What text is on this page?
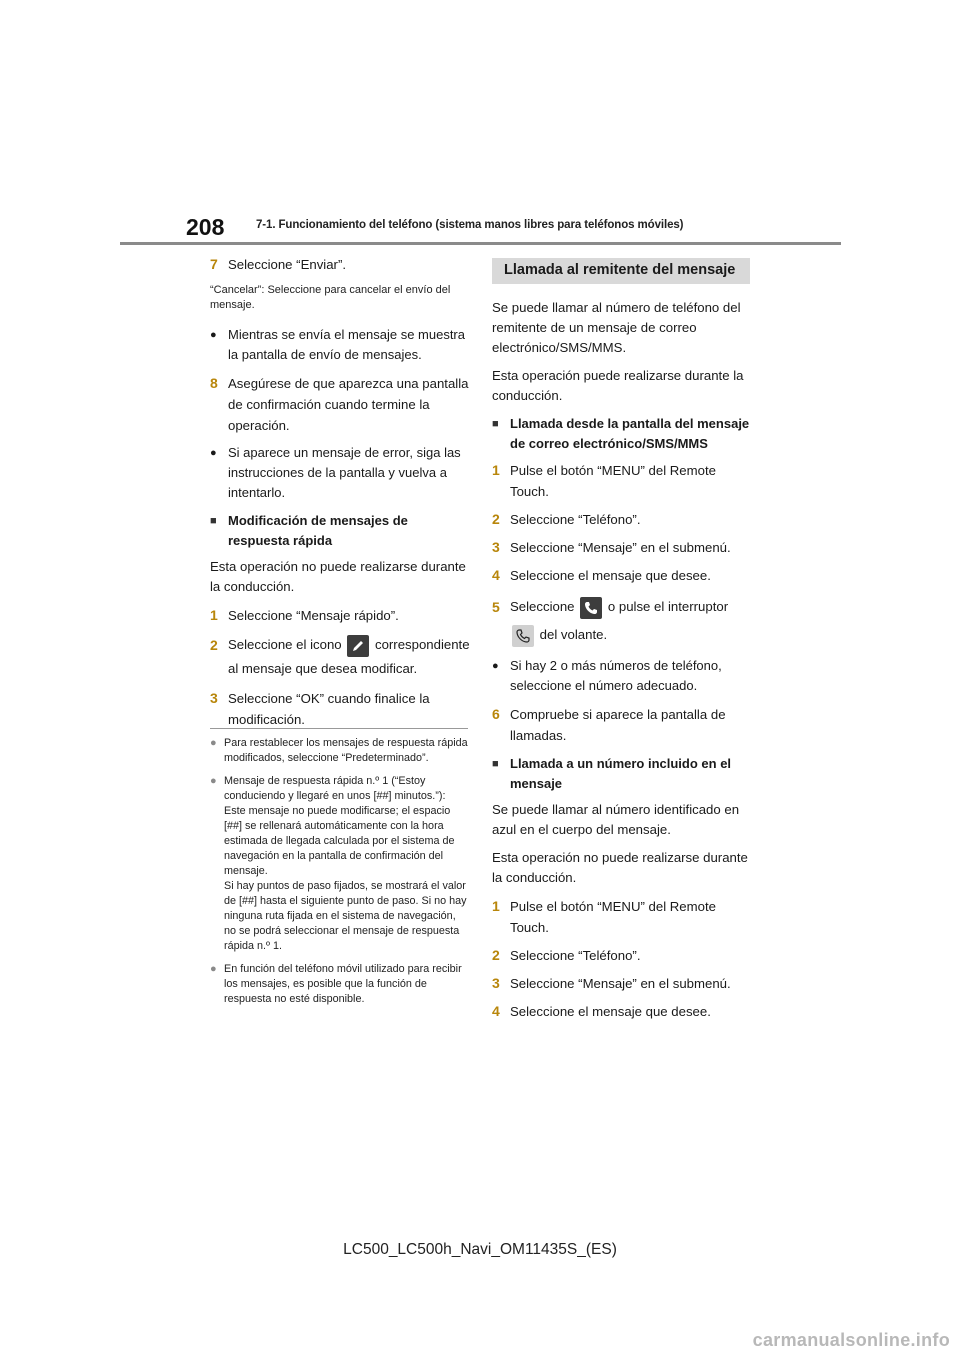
208	7-1. Funcionamiento del teléfono (sistema manos libres para teléfonos móviles)
7 Seleccione “Enviar”.
“Cancelar”: Seleccione para cancelar el envío del mensaje.
● Mientras se envía el mensaje se muestra la pantalla de envío de mensajes.
8 Asegúrese de que aparezca una pantalla de confirmación cuando termine la operación.
● Si aparece un mensaje de error, siga las instrucciones de la pantalla y vuelva a intentarlo.
■ Modificación de mensajes de respuesta rápida
Esta operación no puede realizarse durante la conducción.
1 Seleccione “Mensaje rápido”.
2 Seleccione el icono	correspondiente al mensaje que desea modificar.
3 Seleccione “OK” cuando finalice la modificación.
● Para restablecer los mensajes de respuesta rápida modificados, seleccione “Predeterminado”.
● Mensaje de respuesta rápida n.º 1 (“Estoy conduciendo y llegaré en unos [##] minutos.”):
Este mensaje no puede modificarse; el espacio [##] se rellenará automáticamente con la hora estimada de llegada calculada por el sistema de navegación en la pantalla de confirmación del mensaje.
Si hay puntos de paso fijados, se mostrará el valor de [##] hasta el siguiente punto de paso. Si no hay ninguna ruta fijada en el sistema de navegación, no se podrá seleccionar el mensaje de respuesta rápida n.º 1.
● En función del teléfono móvil utilizado para recibir los mensajes, es posible que la función de respuesta no esté disponible.
Llamada al remitente del mensaje
Se puede llamar al número de teléfono del remitente de un mensaje de correo electrónico/SMS/MMS.
Esta operación puede realizarse durante la conducción.
■ Llamada desde la pantalla del mensaje de correo electrónico/SMS/MMS
1 Pulse el botón “MENU” del Remote Touch.
2 Seleccione “Teléfono”.
3 Seleccione “Mensaje” en el submenú.
4 Seleccione el mensaje que desee.
5 Seleccione	o pulse el interruptor

del volante.
● Si hay 2 o más números de teléfono, seleccione el número adecuado.
6 Compruebe si aparece la pantalla de llamadas.
■ Llamada a un número incluido en el mensaje
Se puede llamar al número identificado en azul en el cuerpo del mensaje.
Esta operación no puede realizarse durante la conducción.
1 Pulse el botón “MENU” del Remote Touch.
2 Seleccione “Teléfono”.
3 Seleccione “Mensaje” en el submenú.
4 Seleccione el mensaje que desee.
LC500_LC500h_Navi_OM11435S_(ES)
carmanualsonline.info
